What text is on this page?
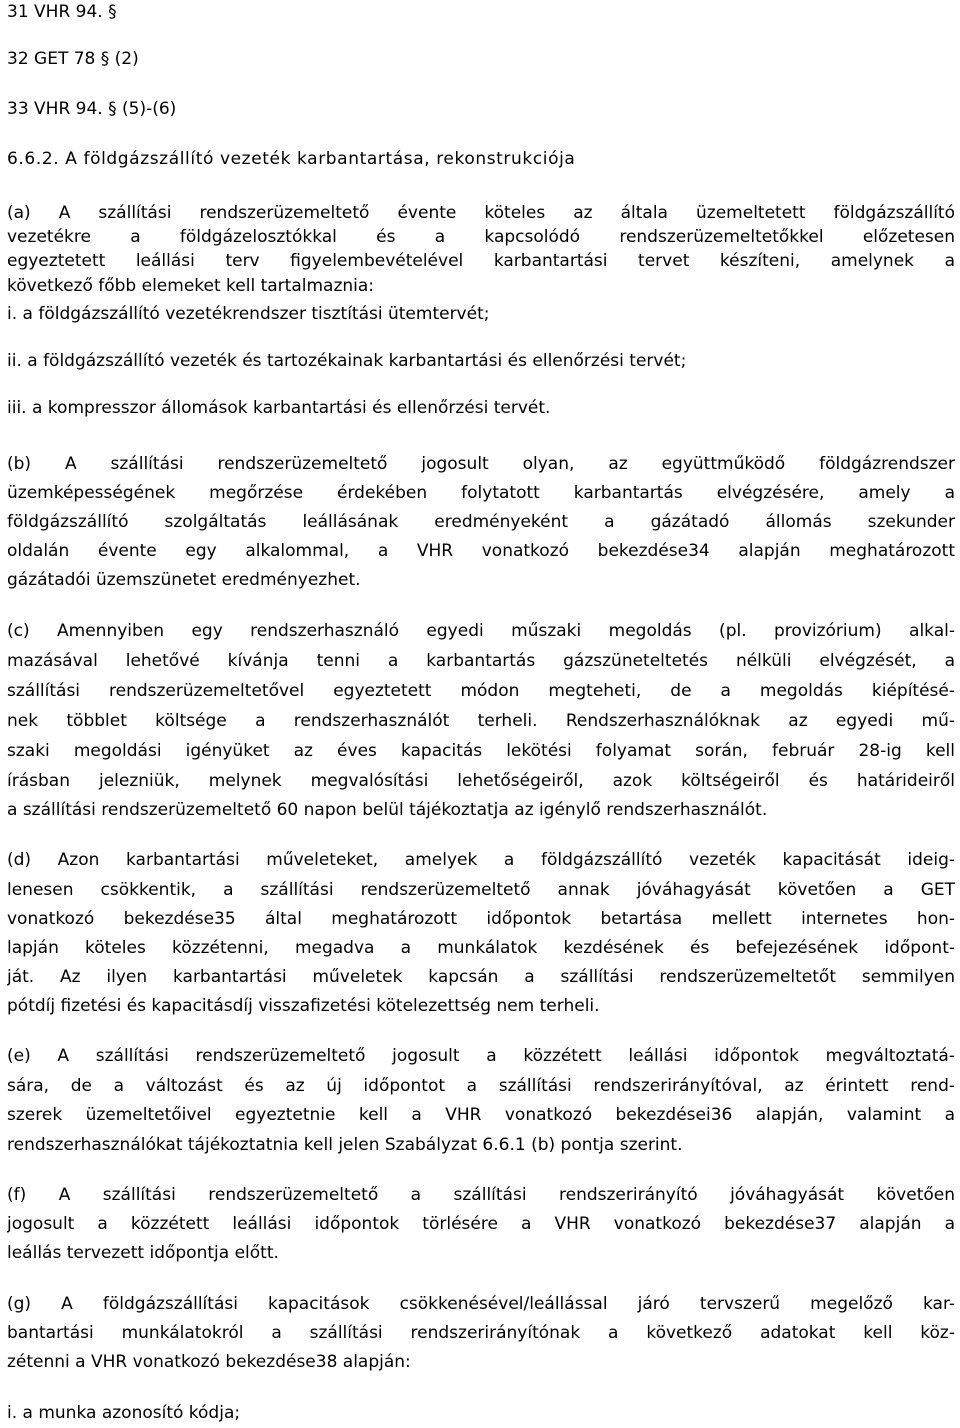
31 VHR 94. §
32 GET 78 § (2)
33 VHR 94. § (5)-(6)
6.6.2. A földgázszállító vezeték karbantartása, rekonstrukciója
(a) A szállítási rendszerüzemeltető évente köteles az általa üzemeltetett földgázszállító
vezetékre a földgázelosztókkal és a kapcsolódó rendszerüzemeltetőkkel előzetesen
egyeztetett leállási terv figyelembevételével karbantartási tervet készíteni, amelynek a
következő főbb elemeket kell tartalmaznia:
i. a földgázszállító vezetékrendszer tisztítási ütemtervét;
ii. a földgázszállító vezeték és tartozékainak karbantartási és ellenőrzési tervét;
iii. a kompresszor állomások karbantartási és ellenőrzési tervét.
(b) A szállítási rendszerüzemeltető jogosult olyan, az együttműködő földgázrendszer
üzemképességének megőrzése érdekében folytatott karbantartás elvégzésére, amely a
földgázszállító szolgáltatás leállásának eredményeként a gázátadó állomás szekunder
oldalán évente egy alkalommal, a VHR vonatkozó bekezdése34 alapján meghatározott
gázátadói üzemszünetet eredményezhet.
(c) Amennyiben egy rendszerhasználó egyedi műszaki megoldás (pl. provizórium) alkal-
mazásával lehetővé kívánja tenni a karbantartás gázszüneteltetés nélküli elvégzését, a
szállítási rendszerüzemeltetővel egyeztetett módon megteheti, de a megoldás kiépítésé-
nek többlet költsége a rendszerhasználót terheli. Rendszerhasználóknak az egyedi mű-
szaki megoldási igényüket az éves kapacitás lekötési folyamat során, február 28-ig kell
írásban jelezniük, melynek megvalósítási lehetőségeiről, azok költségeiről és határideiről
a szállítási rendszerüzemeltető 60 napon belül tájékoztatja az igénylő rendszerhasználót.
(d) Azon karbantartási műveleteket, amelyek a földgázszállító vezeték kapacitását ideig-
lenesen csökkentik, a szállítási rendszerüzemeltető annak jóváhagyását követően a GET
vonatkozó bekezdése35 által meghatározott időpontok betartása mellett internetes hon-
lapján köteles közzétenni, megadva a munkálatok kezdésének és befejezésének időpont-
ját. Az ilyen karbantartási műveletek kapcsán a szállítási rendszerüzemeltetőt semmilyen
pótdíj fizetési és kapacitásdíj visszafizetési kötelezettség nem terheli.
(e) A szállítási rendszerüzemeltető jogosult a közzétett leállási időpontok megváltoztatá-
sára, de a változást és az új időpontot a szállítási rendszerirányítóval, az érintett rend-
szerek üzemeltetőivel egyeztetnie kell a VHR vonatkozó bekezdései36 alapján, valamint a
rendszerhasználókat tájékoztatnia kell jelen Szabályzat 6.6.1 (b) pontja szerint.
(f) A szállítási rendszerüzemeltető a szállítási rendszerirányító jóváhagyását követően
jogosult a közzétett leállási időpontok törlésére a VHR vonatkozó bekezdése37 alapján a
leállás tervezett időpontja előtt.
(g) A földgázszállítási kapacitások csökkenésével/leállással járó tervszerű megelőző kar-
bantartási munkálatokról a szállítási rendszerirányítónak a következő adatokat kell köz-
zétenni a VHR vonatkozó bekezdése38 alapján:
i. a munka azonosító kódja;
